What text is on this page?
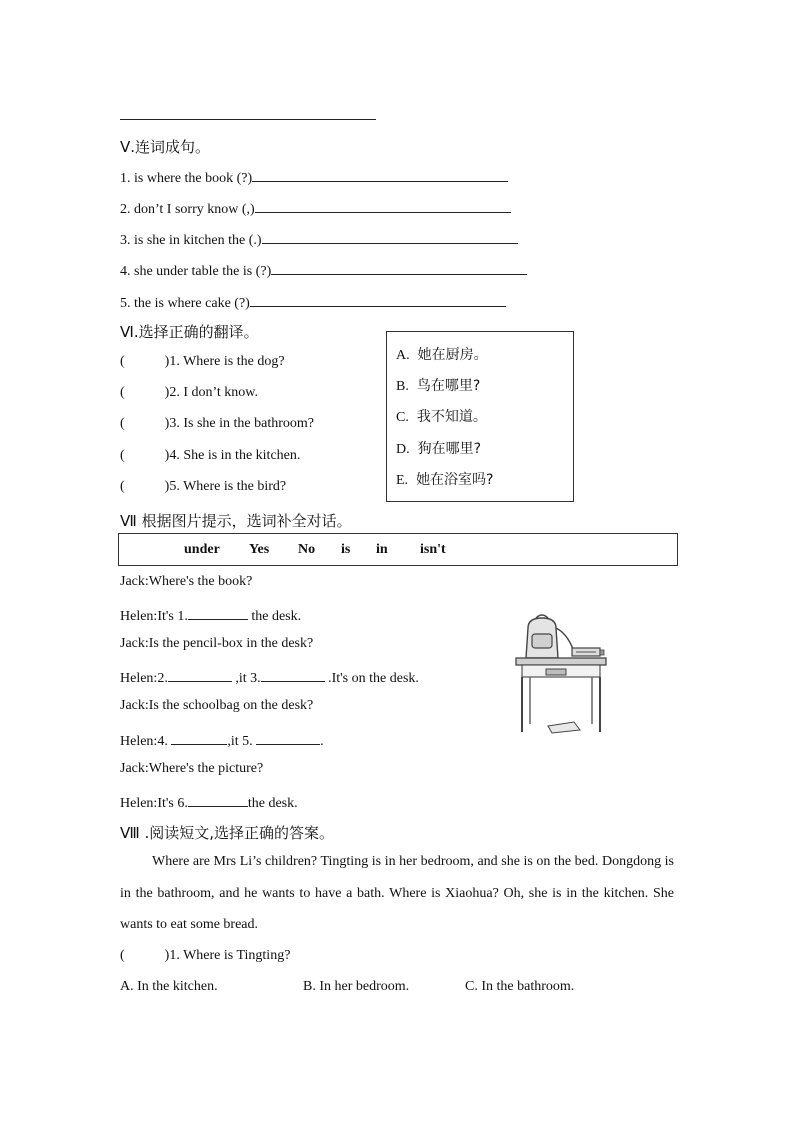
Ⅴ.连词成句。
1. is where the book (?)
2. don’t I sorry know (,)
3. is she in kitchen the (.)
4. she under table the is (?)
5. the is where cake (?)
Ⅵ.选择正确的翻译。
(	)1. Where is the dog?
(	)2. I don’t know.
(	)3. Is she in the bathroom?
(	)4. She is in the kitchen.
(	)5. Where is the bird?
A. 她在厨房。
B. 鸟在哪里?
C. 我不知道。
D. 狗在哪里?
E. 她在浴室吗?
Ⅶ 根据图片提示，选词补全对话。
under Yes No is in isn't
Jack:Where's the book?
Helen:It's 1.	the desk.
Jack:Is the pencil-box in the desk?
Helen:2.	,it 3.	.It's on the desk.
Jack:Is the schoolbag on the desk?
Helen:4.	,it 5.	.
Jack:Where's the picture?
Helen:It's 6.	the desk.
Ⅷ .阅读短文,选择正确的答案。
Where are Mrs Li’s children? Tingting is in her bedroom, and she is on the bed. Dongdong is in the bathroom, and he wants to have a bath. Where is Xiaohua? Oh, she is in the kitchen. She wants to eat some bread.
(	)1. Where is Tingting?
A. In the kitchen.	B. In her bedroom.	C. In the bathroom.
